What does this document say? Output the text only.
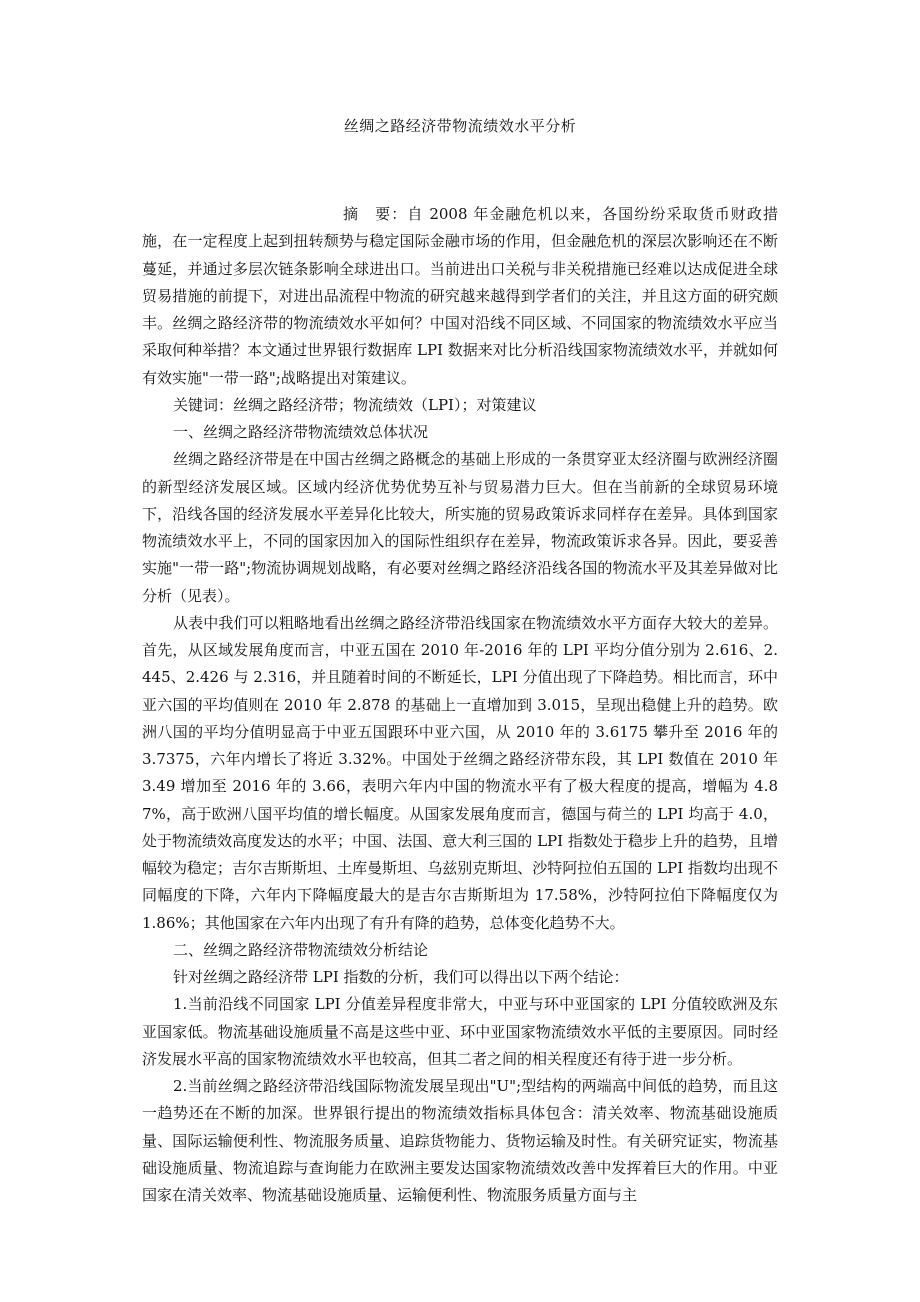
丝绸之路经济带物流绩效水平分析

摘　要：自 2008 年金融危机以来，各国纷纷采取货币财政措施，在一定程度上起到扭转颓势与稳定国际金融市场的作用，但金融危机的深层次影响还在不断蔓延，并通过多层次链条影响全球进出口。当前进出口关税与非关税措施已经难以达成促进全球贸易措施的前提下，对进出品流程中物流的研究越来越得到学者们的关注，并且这方面的研究颇丰。丝绸之路经济带的物流绩效水平如何？中国对沿线不同区域、不同国家的物流绩效水平应当采取何种举措？本文通过世界银行数据库 LPI 数据来对比分析沿线国家物流绩效水平，并就如何有效实施"一带一路";战略提出对策建议。

关键词：丝绸之路经济带；物流绩效（LPI）；对策建议

一、丝绸之路经济带物流绩效总体状况

丝绸之路经济带是在中国古丝绸之路概念的基础上形成的一条贯穿亚太经济圈与欧洲经济圈的新型经济发展区域。区域内经济优势优势互补与贸易潜力巨大。但在当前新的全球贸易环境下，沿线各国的经济发展水平差异化比较大，所实施的贸易政策诉求同样存在差异。具体到国家物流绩效水平上，不同的国家因加入的国际性组织存在差异，物流政策诉求各异。因此，要妥善实施"一带一路";物流协调规划战略，有必要对丝绸之路经济沿线各国的物流水平及其差异做对比分析（见表）。

从表中我们可以粗略地看出丝绸之路经济带沿线国家在物流绩效水平方面存大较大的差异。首先，从区域发展角度而言，中亚五国在 2010 年-2016 年的 LPI 平均分值分别为 2.616、2.445、2.426 与 2.316，并且随着时间的不断延长，LPI 分值出现了下降趋势。相比而言，环中亚六国的平均值则在 2010 年 2.878 的基础上一直增加到 3.015，呈现出稳健上升的趋势。欧洲八国的平均分值明显高于中亚五国跟环中亚六国，从 2010 年的 3.6175 攀升至 2016 年的 3.7375，六年内增长了将近 3.32%。中国处于丝绸之路经济带东段，其 LPI 数值在 2010 年 3.49 增加至 2016 年的 3.66，表明六年内中国的物流水平有了极大程度的提高，增幅为 4.87%，高于欧洲八国平均值的增长幅度。从国家发展角度而言，德国与荷兰的 LPI 均高于 4.0，处于物流绩效高度发达的水平；中国、法国、意大利三国的 LPI 指数处于稳步上升的趋势，且增幅较为稳定；吉尔吉斯斯坦、土库曼斯坦、乌兹别克斯坦、沙特阿拉伯五国的 LPI 指数均出现不同幅度的下降，六年内下降幅度最大的是吉尔吉斯斯坦为 17.58%，沙特阿拉伯下降幅度仅为 1.86%；其他国家在六年内出现了有升有降的趋势，总体变化趋势不大。

二、丝绸之路经济带物流绩效分析结论

针对丝绸之路经济带 LPI 指数的分析，我们可以得出以下两个结论：

1.当前沿线不同国家 LPI 分值差异程度非常大，中亚与环中亚国家的 LPI 分值较欧洲及东亚国家低。物流基础设施质量不高是这些中亚、环中亚国家物流绩效水平低的主要原因。同时经济发展水平高的国家物流绩效水平也较高，但其二者之间的相关程度还有待于进一步分析。

2.当前丝绸之路经济带沿线国际物流发展呈现出"U";型结构的两端高中间低的趋势，而且这一趋势还在不断的加深。世界银行提出的物流绩效指标具体包含：清关效率、物流基础设施质量、国际运输便利性、物流服务质量、追踪货物能力、货物运输及时性。有关研究证实，物流基础设施质量、物流追踪与查询能力在欧洲主要发达国家物流绩效改善中发挥着巨大的作用。中亚国家在清关效率、物流基础设施质量、运输便利性、物流服务质量方面与主
